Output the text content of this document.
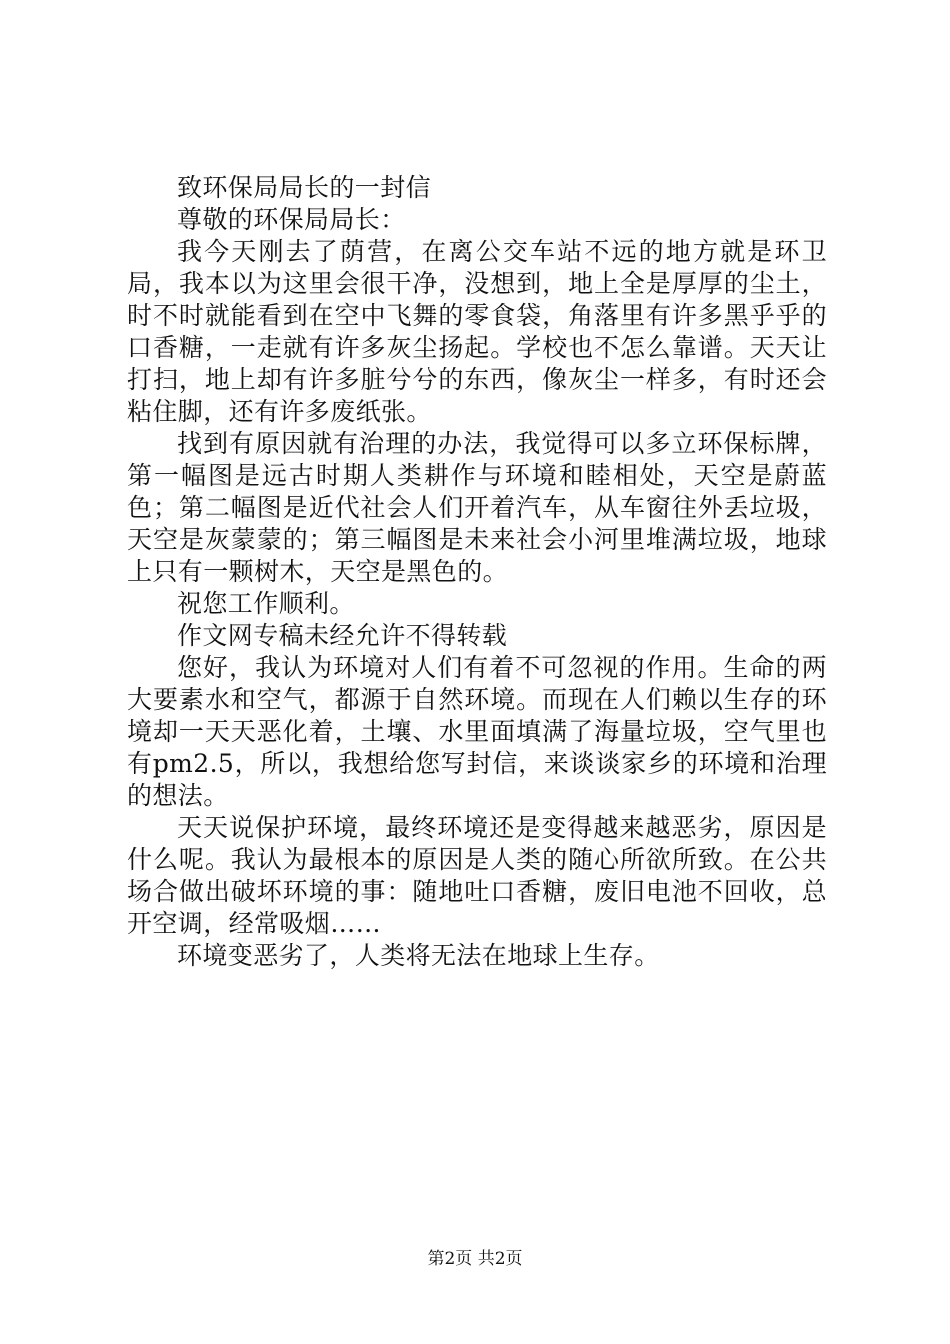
致环保局局长的一封信

尊敬的环保局局长：

我今天刚去了荫营，在离公交车站不远的地方就是环卫局，我本以为这里会很干净，没想到，地上全是厚厚的尘土，时不时就能看到在空中飞舞的零食袋，角落里有许多黑乎乎的口香糖，一走就有许多灰尘扬起。学校也不怎么靠谱。天天让打扫，地上却有许多脏兮兮的东西，像灰尘一样多，有时还会粘住脚，还有许多废纸张。

找到有原因就有治理的办法，我觉得可以多立环保标牌，第一幅图是远古时期人类耕作与环境和睦相处，天空是蔚蓝色；第二幅图是近代社会人们开着汽车，从车窗往外丢垃圾，天空是灰蒙蒙的；第三幅图是未来社会小河里堆满垃圾，地球上只有一颗树木，天空是黑色的。

祝您工作顺利。

作文网专稿未经允许不得转载

您好，我认为环境对人们有着不可忽视的作用。生命的两大要素水和空气，都源于自然环境。而现在人们赖以生存的环境却一天天恶化着，土壤、水里面填满了海量垃圾，空气里也有pm2.5，所以，我想给您写封信，来谈谈家乡的环境和治理的想法。

天天说保护环境，最终环境还是变得越来越恶劣，原因是什么呢。我认为最根本的原因是人类的随心所欲所致。在公共场合做出破坏环境的事：随地吐口香糖，废旧电池不回收，总开空调，经常吸烟……

环境变恶劣了，人类将无法在地球上生存。

第2页 共2页
